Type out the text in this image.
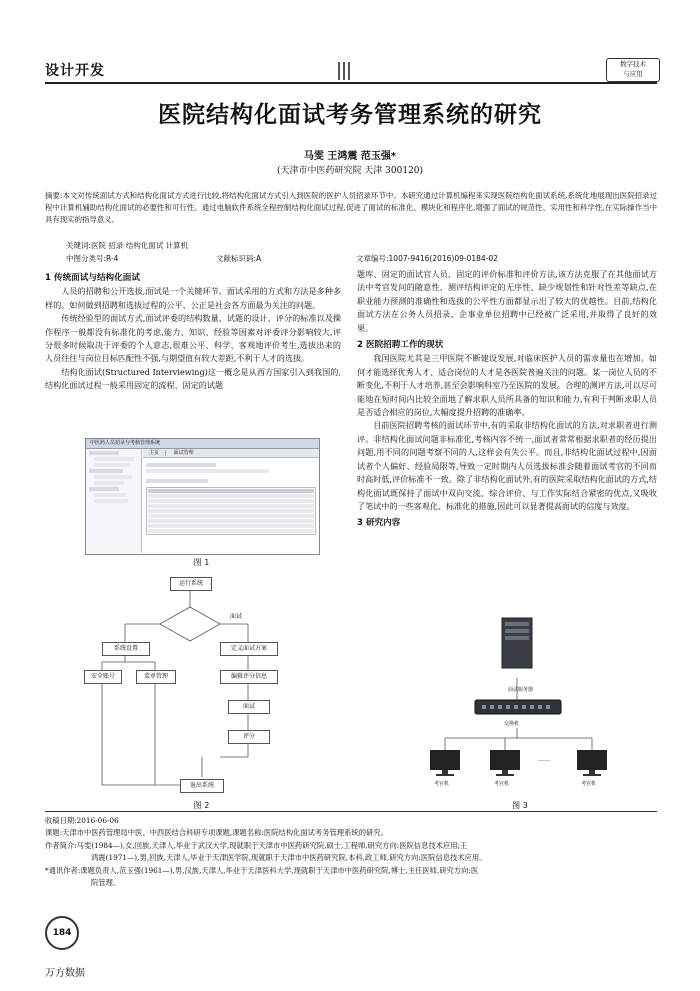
设计开发	数字技术
与应用
医院结构化面试考务管理系统的研究
马雯 王鸿震 范玉强*
(天津市中医药研究院 天津 300120)
摘要:本文对传统面试方式和结构化面试方式进行比较,将结构化面试方式引入到医院的医护人员招录环节中。本研究通过计算机编程来实现医院结构化面试系统,系统化地展现出医院招录过程中计算机辅助结构化面试的必要性和可行性。通过电脑软件系统全程控制结构化面试过程,促进了面试的标准化、模块化和程序化,增强了面试的规范性、实用性和科学性,在实际操作当中具有现实的指导意义。
关键词:医院 招录 结构化面试 计算机
中图分类号:R-4	文献标识码:A	文章编号:1007-9416(2016)09-0184-02
1 传统面试与结构化面试

人员的招聘和公开选拔,面试是一个关键环节。面试采用的方式和方法是多种多样的。如何做到招聘和选拔过程的公平、公正是社会各方面最为关注的问题。

传统经验型的面试方式,面试评委的结构数量、试题的设计、评分的标准以及操作程序一般都没有标准化的考虑,能力、知识、经验等因素对评委评分影响较大,评分很多时候取决于评委的个人意志,很难公平、科学、客观地评价考生,选拔出来的人员往往与岗位目标匹配性不强,与期望值有较大差距,不利于人才的选拔。

结构化面试(Structured Interviewing)这一概念是从西方国家引入到我国的,结构化面试过程一般采用固定的流程、固定的试题

中医药人员招录与考核管理系统
主页	面试管理
图 1
运行系统
面试
系统设置	定义面试方案
安全账号	菜单管理	编辑评分信息
面试
评分
退出系统
图 2

题库、固定的面试官人员、固定的评价标准和评价方法,该方法克服了在其他面试方法中考官发问的随意性、测评结构评定的无序性、缺少规划性和针对性差等缺点,在职业能力预测的准确性和选拔的公平性方面都显示出了较大的优越性。目前,结构化面试方法在公务人员招录、企事业单位招聘中已经被广泛采用,并取得了良好的效果。

2 医院招聘工作的现状

我国医院尤其是三甲医院不断建设发展,对临床医护人员的需求量也在增加。如何才能选择优秀人才、适合岗位的人才是各医院普遍关注的问题。某一岗位人员的不断变化,不利于人才培养,甚至会影响科室乃至医院的发展。合理的测评方法,可以尽可能地在短时间内比较全面地了解求职人员所具备的知识和能力,有利于判断求职人员是否适合相应的岗位,大幅度提升招聘的准确率。

目前医院招聘考核的面试环节中,有的采取非结构化面试的方法,对求职者进行测评。非结构化面试问题非标准化,考核内容不统一,面试者常常根据求职者的经历提出问题,用不同的问题考察不同的人,这样会有失公平。而且,非结构化面试过程中,因面试者个人偏好、经验局限等,导致一定时期内人员选拔标准会随着面试考官的不同而时高时低,评价标准不一致。除了非结构化面试外,有的医院采取结构化面试的方式,结构化面试既保持了面试中双向交流、综合评价、与工作实际结合紧密的优点,又吸收了笔试中的一些客观化、标准化的措施,因此可以显著提高面试的信度与效度。

3 研究内容
面试服务器
交换机
考官机	考官机	考官机
……
图 3
收稿日期:2016-06-06
课题:天津市中医药管理局中医、中西医结合科研专项课题,课题名称:医院结构化面试考务管理系统的研究。
作者简介:马雯(1984—),女,回族,天津人,毕业于武汉大学,现就职于天津市中医药研究院,硕士,工程师,研究方向:医院信息技术应用;王
鸿震(1971—),男,回族,天津人,毕业于天津医学院,现就职于天津市中医药研究院,本科,政工师,研究方向:医院信息技术应用。
*通讯作者:课题负责人,范玉强(1961—),男,汉族,天津人,毕业于天津医科大学,现就职于天津市中医药研究院,博士,主任医师,研究方向:医
院管理。
184
万方数据
